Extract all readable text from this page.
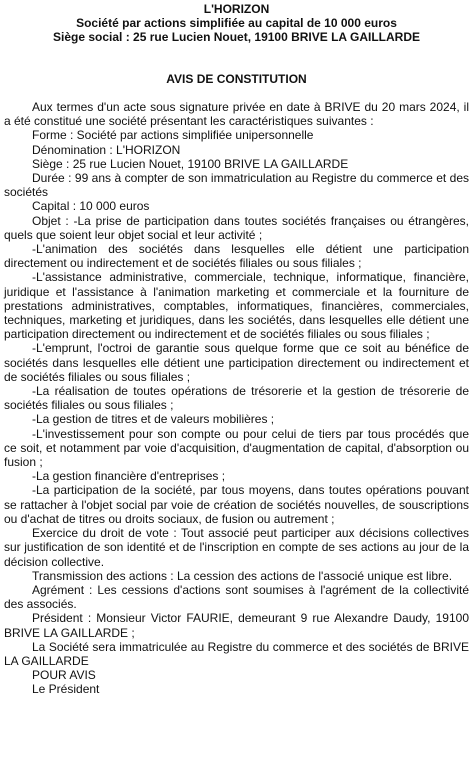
L'HORIZON
Société par actions simplifiée au capital de 10 000 euros
Siège social : 25 rue Lucien Nouet, 19100 BRIVE LA GAILLARDE
AVIS DE CONSTITUTION

Aux termes d'un acte sous signature privée en date à BRIVE du 20 mars 2024, il a été constitué une société présentant les caractéristiques suivantes :

Forme : Société par actions simplifiée unipersonnelle

Dénomination : L'HORIZON

Siège : 25 rue Lucien Nouet, 19100 BRIVE LA GAILLARDE

Durée : 99 ans à compter de son immatriculation au Registre du commerce et des sociétés

Capital : 10 000 euros

Objet : -La prise de participation dans toutes sociétés françaises ou étrangères, quels que soient leur objet social et leur activité ;

-L'animation des sociétés dans lesquelles elle détient une participation directement ou indirectement et de sociétés filiales ou sous filiales ;

-L'assistance administrative, commerciale, technique, informatique, financière, juridique et l'assistance à l'animation marketing et commerciale et la fourniture de prestations administratives, comptables, informatiques, financières, commerciales, techniques, marketing et juridiques, dans les sociétés, dans lesquelles elle détient une participation directement ou indirectement et de sociétés filiales ou sous filiales ;

-L'emprunt, l'octroi de garantie sous quelque forme que ce soit au bénéfice de sociétés dans lesquelles elle détient une participation directement ou indirectement et de sociétés filiales ou sous filiales ;

-La réalisation de toutes opérations de trésorerie et la gestion de trésorerie de sociétés filiales ou sous filiales ;

-La gestion de titres et de valeurs mobilières ;

-L'investissement pour son compte ou pour celui de tiers par tous procédés que ce soit, et notamment par voie d'acquisition, d'augmentation de capital, d'absorption ou fusion ;

-La gestion financière d'entreprises ;

-La participation de la société, par tous moyens, dans toutes opérations pouvant se rattacher à l'objet social par voie de création de sociétés nouvelles, de souscriptions ou d'achat de titres ou droits sociaux, de fusion ou autrement ;

Exercice du droit de vote : Tout associé peut participer aux décisions collectives sur justification de son identité et de l'inscription en compte de ses actions au jour de la décision collective.

Transmission des actions : La cession des actions de l'associé unique est libre.

Agrément : Les cessions d'actions sont soumises à l'agrément de la collectivité des associés.

Président : Monsieur Victor FAURIE, demeurant 9 rue Alexandre Daudy, 19100 BRIVE LA GAILLARDE ;

La Société sera immatriculée au Registre du commerce et des sociétés de BRIVE LA GAILLARDE

POUR AVIS

Le Président
